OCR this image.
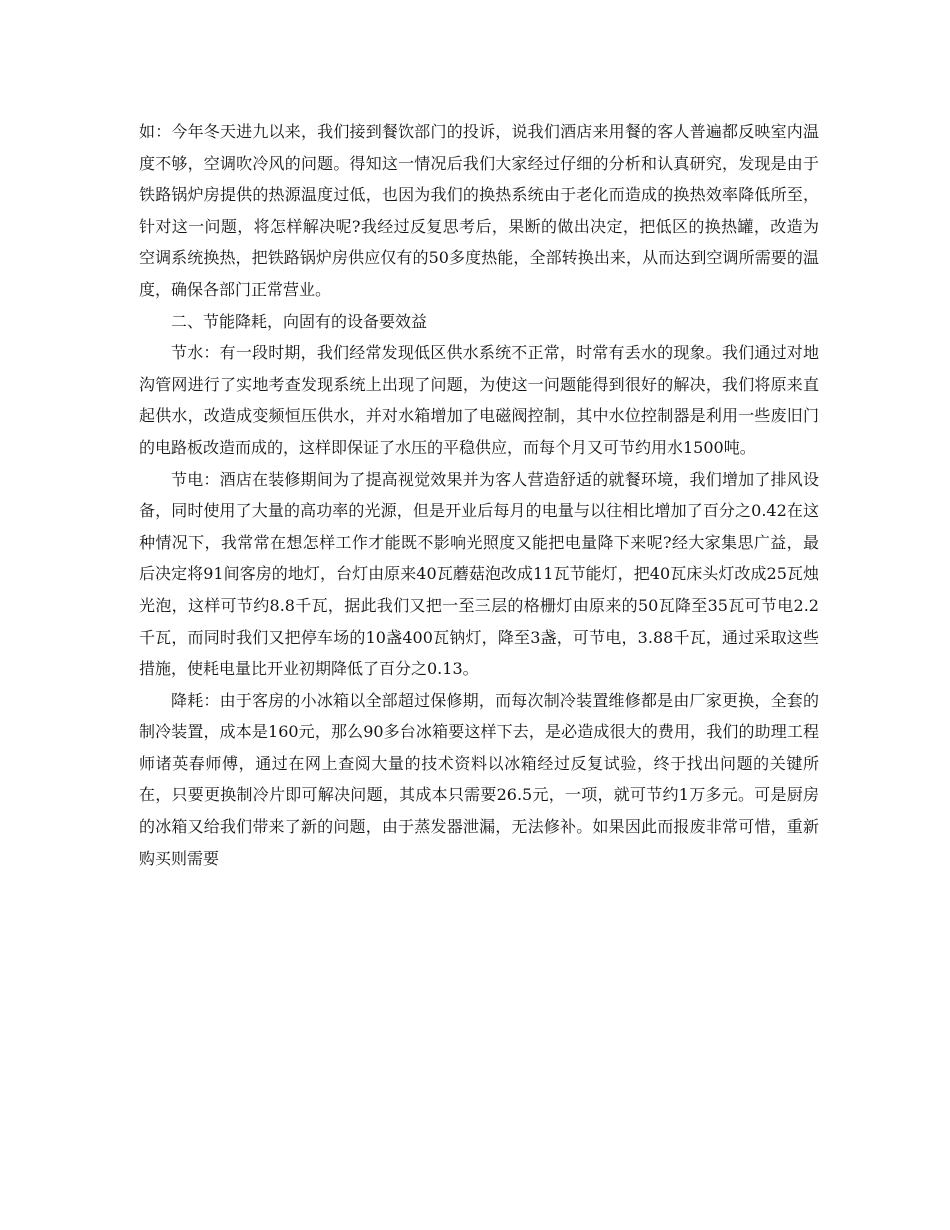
如：今年冬天进九以来，我们接到餐饮部门的投诉，说我们酒店来用餐的客人普遍都反映室内温度不够，空调吹冷风的问题。得知这一情况后我们大家经过仔细的分析和认真研究，发现是由于铁路锅炉房提供的热源温度过低，也因为我们的换热系统由于老化而造成的换热效率降低所至，针对这一问题，将怎样解决呢?我经过反复思考后，果断的做出决定，把低区的换热罐，改造为空调系统换热，把铁路锅炉房供应仅有的50多度热能，全部转换出来，从而达到空调所需要的温度，确保各部门正常营业。

二、节能降耗，向固有的设备要效益

节水：有一段时期，我们经常发现低区供水系统不正常，时常有丢水的现象。我们通过对地沟管网进行了实地考查发现系统上出现了问题，为使这一问题能得到很好的解决，我们将原来直起供水，改造成变频恒压供水，并对水箱增加了电磁阀控制，其中水位控制器是利用一些废旧门的电路板改造而成的，这样即保证了水压的平稳供应，而每个月又可节约用水1500吨。

节电：酒店在装修期间为了提高视觉效果并为客人营造舒适的就餐环境，我们增加了排风设备，同时使用了大量的高功率的光源，但是开业后每月的电量与以往相比增加了百分之0.42在这种情况下，我常常在想怎样工作才能既不影响光照度又能把电量降下来呢?经大家集思广益，最后决定将91间客房的地灯，台灯由原来40瓦蘑菇泡改成11瓦节能灯，把40瓦床头灯改成25瓦烛光泡，这样可节约8.8千瓦，据此我们又把一至三层的格栅灯由原来的50瓦降至35瓦可节电2.2千瓦，而同时我们又把停车场的10盏400瓦钠灯，降至3盏，可节电，3.88千瓦，通过采取这些措施，使耗电量比开业初期降低了百分之0.13。

降耗：由于客房的小冰箱以全部超过保修期，而每次制冷装置维修都是由厂家更换，全套的制冷装置，成本是160元，那么90多台冰箱要这样下去，是必造成很大的费用，我们的助理工程师诸英春师傅，通过在网上查阅大量的技术资料以冰箱经过反复试验，终于找出问题的关键所在，只要更换制冷片即可解决问题，其成本只需要26.5元，一项，就可节约1万多元。可是厨房的冰箱又给我们带来了新的问题，由于蒸发器泄漏，无法修补。如果因此而报废非常可惜，重新购买则需要
